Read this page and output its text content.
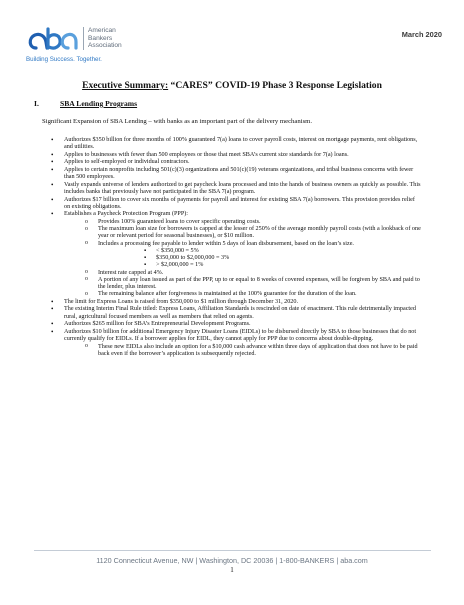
American
Bankers
Association
Building Success. Together.
March 2020
Executive Summary: “CARES” COVID-19 Phase 3 Response Legislation
I.	SBA Lending Programs
Significant Expansion of SBA Lending – with banks as an important part of the delivery mechanism.
• Authorizes $350 billion for three months of 100% guaranteed 7(a) loans to cover payroll costs, interest on mortgage payments, rent obligations, and utilities.
• Applies to businesses with fewer than 500 employees or those that meet SBA’s current size standards for 7(a) loans.
• Applies to self-employed or individual contractors.
• Applies to certain nonprofits including 501(c)(3) organizations and 501(c)(19) veterans organizations, and tribal business concerns with fewer than 500 employees.
• Vastly expands universe of lenders authorized to get paycheck loans processed and into the hands of business owners as quickly as possible. This includes banks that previously have not participated in the SBA 7(a) program.
• Authorizes $17 billion to cover six months of payments for payroll and interest for existing SBA 7(a) borrowers. This provision provides relief on existing obligations.
• Establishes a Paycheck Protection Program (PPP):
o Provides 100% guaranteed loans to cover specific operating costs.
o The maximum loan size for borrowers is capped at the lesser of 250% of the average monthly payroll costs (with a lookback of one year or relevant period for seasonal businesses), or $10 million.
o Includes a processing fee payable to lender within 5 days of loan disbursement, based on the loan’s size.
▪ < $350,000 = 5%
▪ $350,000 to $2,000,000 = 3%
▪ > $2,000,000 = 1%
o Interest rate capped at 4%.
o A portion of any loan issued as part of the PPP, up to or equal to 8 weeks of covered expenses, will be forgiven by SBA and paid to the lender, plus interest.
o The remaining balance after forgiveness is maintained at the 100% guarantee for the duration of the loan.
• The limit for Express Loans is raised from $350,000 to $1 million through December 31, 2020.
• The existing Interim Final Rule titled: Express Loans, Affiliation Standards is rescinded on date of enactment. This rule detrimentally impacted rural, agricultural focused members as well as members that relied on agents.
• Authorizes $265 million for SBA’s Entrepreneurial Development Programs.
• Authorizes $10 billion for additional Emergency Injury Disaster Loans (EIDLs) to be disbursed directly by SBA to those businesses that do not currently qualify for EIDLs. If a borrower applies for EIDL, they cannot apply for PPP due to concerns about double-dipping.
o These new EIDLs also include an option for a $10,000 cash advance within three days of application that does not have to be paid back even if the borrower’s application is subsequently rejected.
1120 Connecticut Avenue, NW | Washington, DC 20036 | 1-800-BANKERS | aba.com
1
